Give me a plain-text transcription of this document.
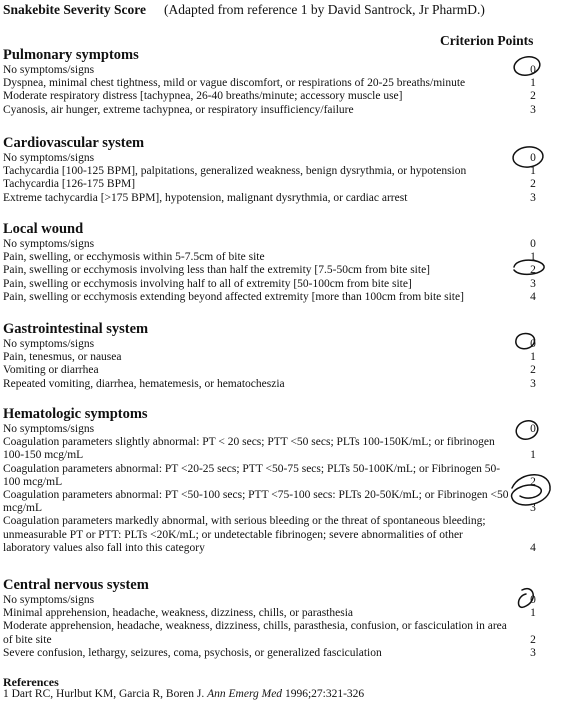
Snakebite Severity Score (Adapted from reference 1 by David Santrock, Jr PharmD.)
Criterion Points
Pulmonary symptoms
No symptoms/signs	0
Dyspnea, minimal chest tightness, mild or vague discomfort, or respirations of 20-25 breaths/minute	1
Moderate respiratory distress [tachypnea, 26-40 breaths/minute; accessory muscle use]	2
Cyanosis, air hunger, extreme tachypnea, or respiratory insufficiency/failure	3
Cardiovascular system
No symptoms/signs	0
Tachycardia [100-125 BPM], palpitations, generalized weakness, benign dysrythmia, or hypotension	1
Tachycardia [126-175 BPM]	2
Extreme tachycardia [>175 BPM], hypotension, malignant dysrythmia, or cardiac arrest	3
Local wound
No symptoms/signs	0
Pain, swelling, or ecchymosis within 5-7.5cm of bite site	1
Pain, swelling or ecchymosis involving less than half the extremity [7.5-50cm from bite site]	2
Pain, swelling or ecchymosis involving half to all of extremity [50-100cm from bite site]	3
Pain, swelling or ecchymosis extending beyond affected extremity [more than 100cm from bite site]	4
Gastrointestinal system
No symptoms/signs	0
Pain, tenesmus, or nausea	1
Vomiting or diarrhea	2
Repeated vomiting, diarrhea, hematemesis, or hematocheszia	3
Hematologic symptoms
No symptoms/signs	0
Coagulation parameters slightly abnormal: PT < 20 secs; PTT <50 secs; PLTs 100-150K/mL; or fibrinogen 100-150 mcg/mL	1
Coagulation parameters abnormal: PT <20-25 secs; PTT <50-75 secs; PLTs 50-100K/mL; or Fibrinogen 50-100 mcg/mL	2
Coagulation parameters abnormal: PT <50-100 secs; PTT <75-100 secs: PLTs 20-50K/mL; or Fibrinogen <50 mcg/mL	3
Coagulation parameters markedly abnormal, with serious bleeding or the threat of spontaneous bleeding; unmeasurable PT or PTT: PLTs <20K/mL; or undetectable fibrinogen; severe abnormalities of other laboratory values also fall into this category	4
Central nervous system
No symptoms/signs	0
Minimal apprehension, headache, weakness, dizziness, chills, or parasthesia	1
Moderate apprehension, headache, weakness, dizziness, chills, parasthesia, confusion, or fasciculation in area of bite site	2
Severe confusion, lethargy, seizures, coma, psychosis, or generalized fasciculation	3
References
1 Dart RC, Hurlbut KM, Garcia R, Boren J. Ann Emerg Med 1996;27:321-326
